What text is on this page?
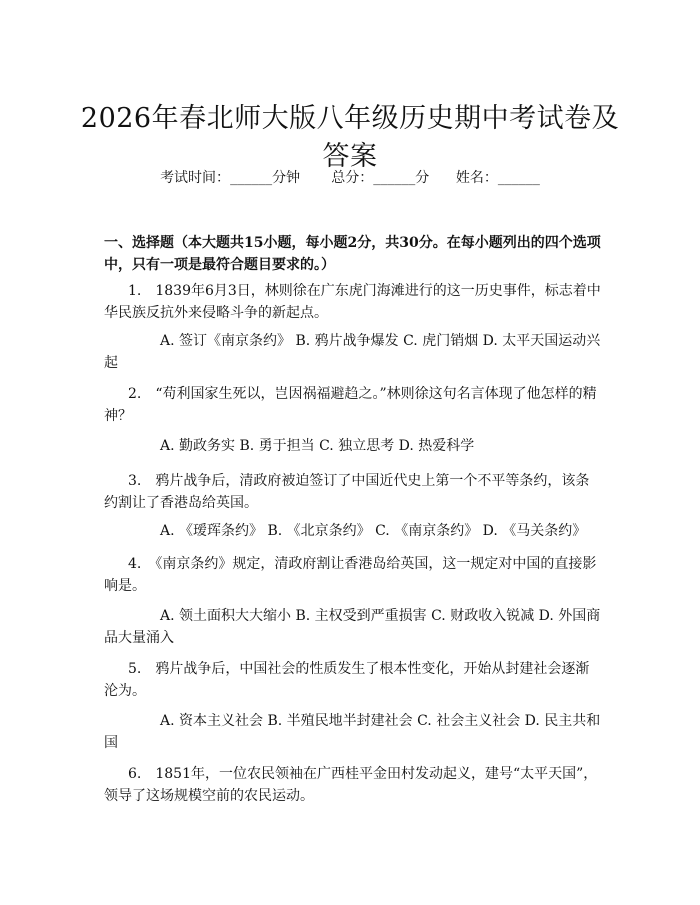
2026年春北师大版八年级历史期中考试卷及答案
考试时间：______分钟 总分：______分 姓名：______
一、选择题（本大题共15小题，每小题2分，共30分。在每小题列出的四个选项中，只有一项是最符合题目要求的。）
1.　1839年6月3日，林则徐在广东虎门海滩进行的这一历史事件，标志着中华民族反抗外来侵略斗争的新起点。
A. 签订《南京条约》 B. 鸦片战争爆发 C. 虎门销烟 D. 太平天国运动兴起
2.　“苟利国家生死以，岂因祸福避趋之。”林则徐这句名言体现了他怎样的精神？
A. 勤政务实 B. 勇于担当 C. 独立思考 D. 热爱科学
3.　鸦片战争后，清政府被迫签订了中国近代史上第一个不平等条约，该条约割让了香港岛给英国。
A. 《瑷珲条约》 B. 《北京条约》 C. 《南京条约》 D. 《马关条约》
4.　《南京条约》规定，清政府割让香港岛给英国，这一规定对中国的直接影响是。
A. 领土面积大大缩小 B. 主权受到严重损害 C. 财政收入锐减 D. 外国商品大量涌入
5.　鸦片战争后，中国社会的性质发生了根本性变化，开始从封建社会逐渐沦为。
A. 资本主义社会 B. 半殖民地半封建社会 C. 社会主义社会 D. 民主共和国
6.　1851年，一位农民领袖在广西桂平金田村发动起义，建号“太平天国”，领导了这场规模空前的农民运动。
